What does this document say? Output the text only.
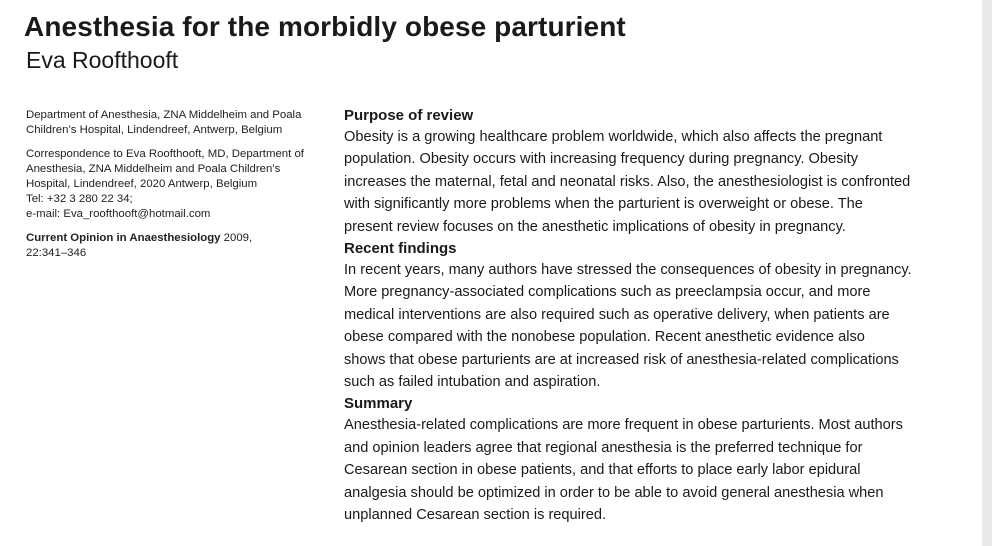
Anesthesia for the morbidly obese parturient
Eva Roofthooft

Department of Anesthesia, ZNA Middelheim and Poala
Children’s Hospital, Lindendreef, Antwerp, Belgium

Correspondence to Eva Roofthooft, MD, Department of
Anesthesia, ZNA Middelheim and Poala Children’s
Hospital, Lindendreef, 2020 Antwerp, Belgium
Tel: +32 3 280 22 34;
e-mail: Eva_roofthooft@hotmail.com

Current Opinion in Anaesthesiology 2009,
22:341–346

Purpose of review
Obesity is a growing healthcare problem worldwide, which also affects the pregnant
population. Obesity occurs with increasing frequency during pregnancy. Obesity
increases the maternal, fetal and neonatal risks. Also, the anesthesiologist is confronted
with significantly more problems when the parturient is overweight or obese. The
present review focuses on the anesthetic implications of obesity in pregnancy.
Recent findings
In recent years, many authors have stressed the consequences of obesity in pregnancy.
More pregnancy-associated complications such as preeclampsia occur, and more
medical interventions are also required such as operative delivery, when patients are
obese compared with the nonobese population. Recent anesthetic evidence also
shows that obese parturients are at increased risk of anesthesia-related complications
such as failed intubation and aspiration.
Summary
Anesthesia-related complications are more frequent in obese parturients. Most authors
and opinion leaders agree that regional anesthesia is the preferred technique for
Cesarean section in obese patients, and that efforts to place early labor epidural
analgesia should be optimized in order to be able to avoid general anesthesia when
unplanned Cesarean section is required.
